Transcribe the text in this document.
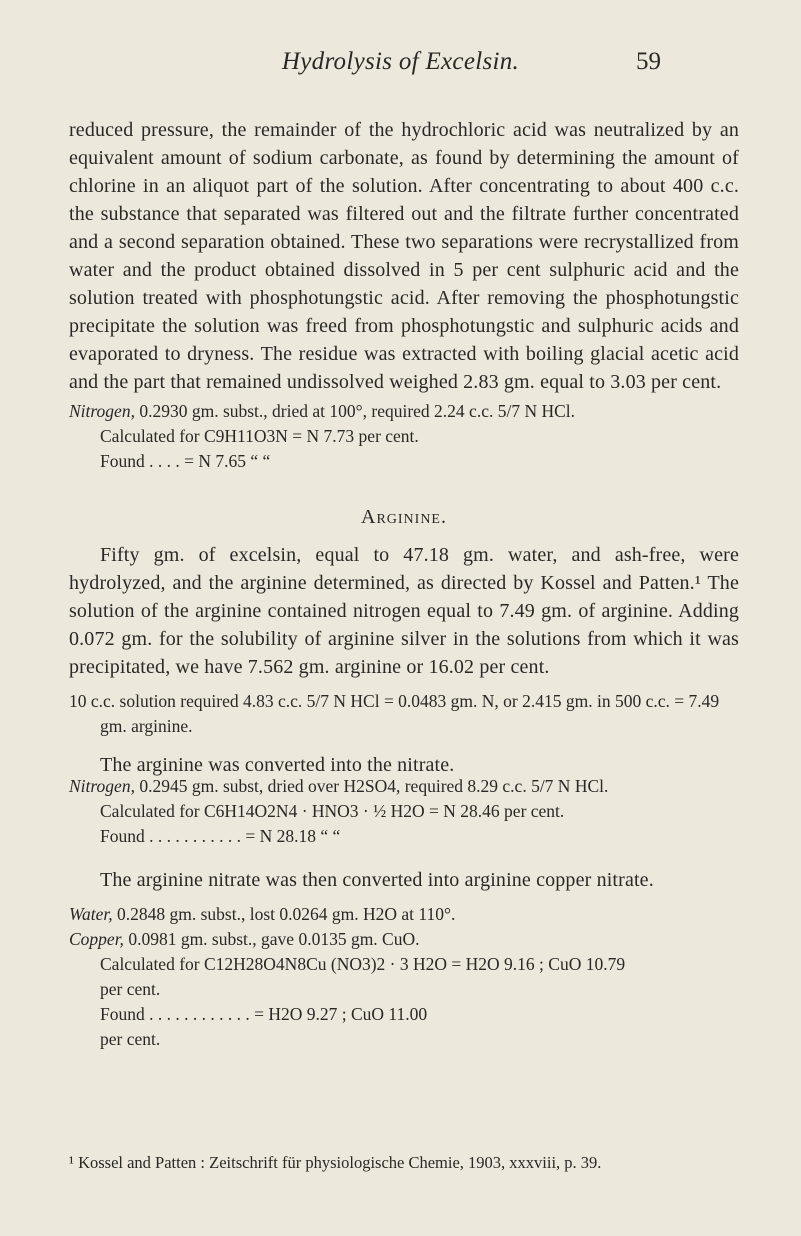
Hydrolysis of Excelsin.	59

reduced pressure, the remainder of the hydrochloric acid was neutralized by an equivalent amount of sodium carbonate, as found by determining the amount of chlorine in an aliquot part of the solution. After concentrating to about 400 c.c. the substance that separated was filtered out and the filtrate further concentrated and a second separation obtained. These two separations were recrystallized from water and the product obtained dissolved in 5 per cent sulphuric acid and the solution treated with phosphotungstic acid. After removing the phosphotungstic precipitate the solution was freed from phosphotungstic and sulphuric acids and evaporated to dryness. The residue was extracted with boiling glacial acetic acid and the part that remained undissolved weighed 2.83 gm. equal to 3.03 per cent.

Nitrogen, 0.2930 gm. subst., dried at 100°, required 2.24 c.c. 5/7 N HCl.

Calculated for C9H11O3N = N 7.73 per cent.

Found . . . . = N 7.65 “ “

Arginine.

Fifty gm. of excelsin, equal to 47.18 gm. water, and ash-free, were hydrolyzed, and the arginine determined, as directed by Kossel and Patten.¹ The solution of the arginine contained nitrogen equal to 7.49 gm. of arginine. Adding 0.072 gm. for the solubility of arginine silver in the solutions from which it was precipitated, we have 7.562 gm. arginine or 16.02 per cent.

10 c.c. solution required 4.83 c.c. 5/7 N HCl = 0.0483 gm. N, or 2.415 gm. in 500 c.c. = 7.49 gm. arginine.

The arginine was converted into the nitrate.

Nitrogen, 0.2945 gm. subst, dried over H2SO4, required 8.29 c.c. 5/7 N HCl.

Calculated for C6H14O2N4 · HNO3 · ½ H2O = N 28.46 per cent.

Found . . . . . . . . . . . = N 28.18 “ “

The arginine nitrate was then converted into arginine copper nitrate.

Water, 0.2848 gm. subst., lost 0.0264 gm. H2O at 110°.

Copper, 0.0981 gm. subst., gave 0.0135 gm. CuO.

Calculated for C12H28O4N8Cu (NO3)2 · 3 H2O = H2O 9.16 ; CuO 10.79

per cent.

Found . . . . . . . . . . . . = H2O 9.27 ; CuO 11.00

per cent.

¹ Kossel and Patten : Zeitschrift für physiologische Chemie, 1903, xxxviii, p. 39.
